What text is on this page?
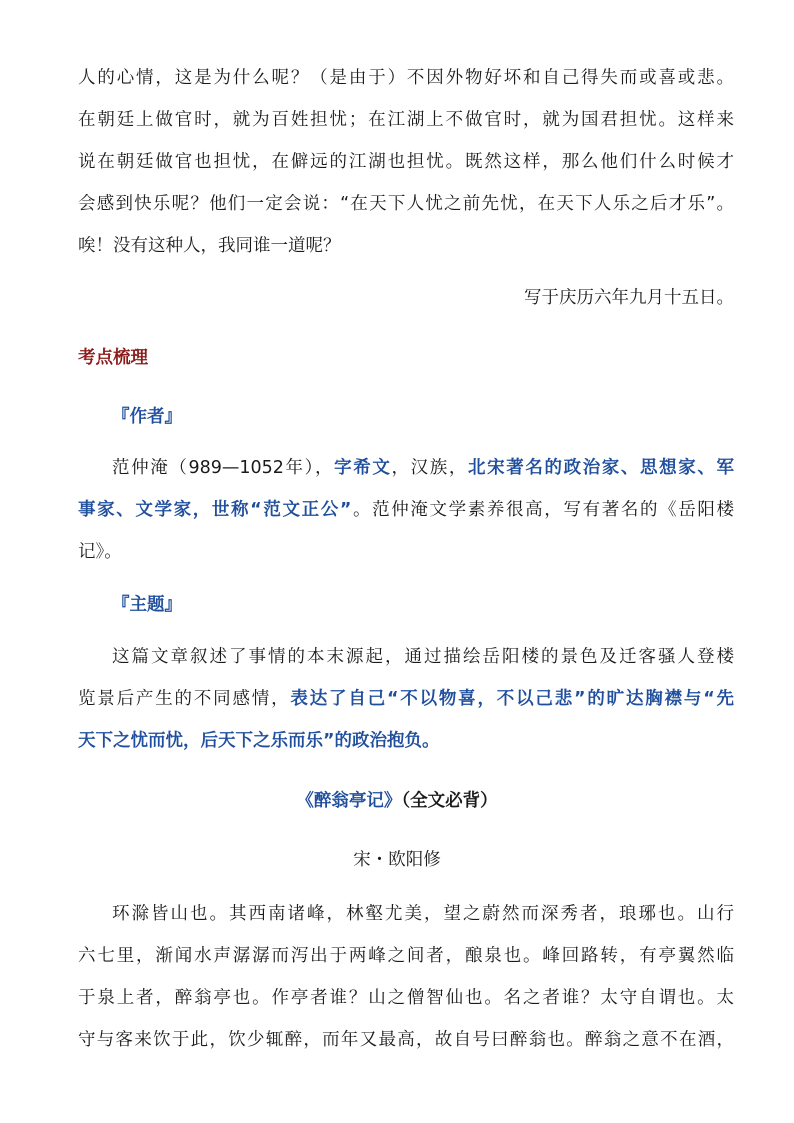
人的心情，这是为什么呢？（是由于）不因外物好坏和自己得失而或喜或悲。
在朝廷上做官时，就为百姓担忧；在江湖上不做官时，就为国君担忧。这样来
说在朝廷做官也担忧，在僻远的江湖也担忧。既然这样，那么他们什么时候才
会感到快乐呢？他们一定会说：“在天下人忧之前先忧，在天下人乐之后才乐”。
唉！没有这种人，我同谁一道呢？
写于庆历六年九月十五日。
考点梳理
『作者』
范仲淹（989—1052年），字希文，汉族，北宋著名的政治家、思想家、军
事家、文学家，世称“范文正公”。范仲淹文学素养很高，写有著名的《岳阳楼
记》。
『主题』
这篇文章叙述了事情的本末源起，通过描绘岳阳楼的景色及迁客骚人登楼
览景后产生的不同感情，表达了自己“不以物喜，不以己悲”的旷达胸襟与“先
天下之忧而忧，后天下之乐而乐”的政治抱负。
《醉翁亭记》（全文必背）
宋・欧阳修
环滁皆山也。其西南诸峰，林壑尤美，望之蔚然而深秀者，琅琊也。山行
六七里，渐闻水声潺潺而泻出于两峰之间者，酿泉也。峰回路转，有亭翼然临
于泉上者，醉翁亭也。作亭者谁？山之僧智仙也。名之者谁？太守自谓也。太
守与客来饮于此，饮少辄醉，而年又最高，故自号曰醉翁也。醉翁之意不在酒，
